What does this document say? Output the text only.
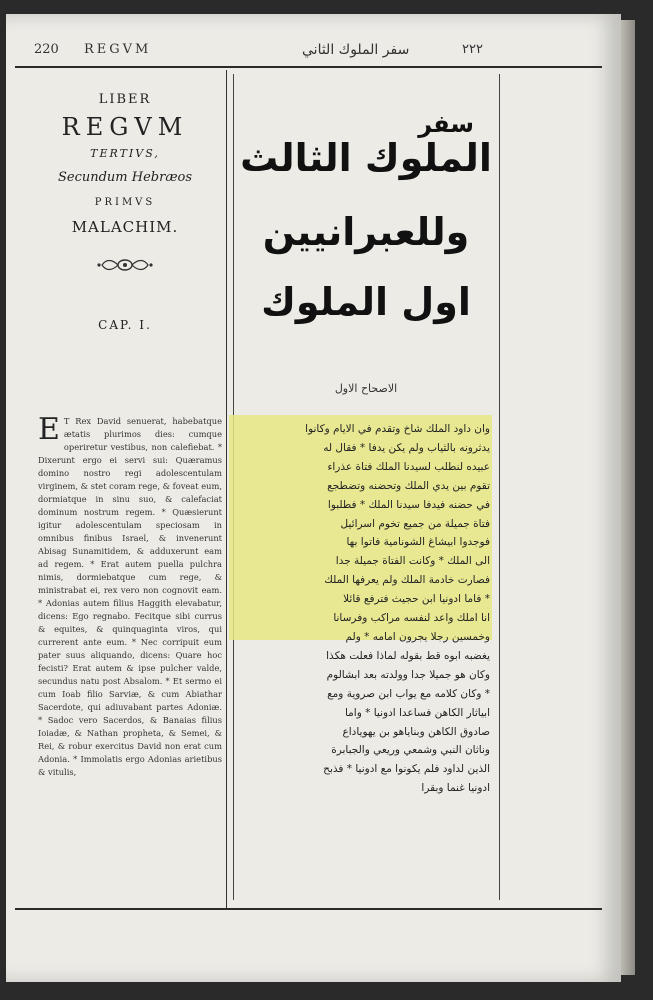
220 REGVM	سفر الملوك الثاني	٢٢٢
LIBER
REGVM
TERTIVS,
Secundum Hebræos
PRIMVS
MALACHIM.
CAP. I.
E T Rex David senuerat, habebatque ætatis plurimos dies: cumque operiretur vestibus, non calefiebat. * Dixerunt ergo ei servi sui: Quæramus domino nostro regi adolescentulam virginem, & stet coram rege, & foveat eum, dormiatque in sinu suo, & calefaciat dominum nostrum regem. * Quæsierunt igitur adolescentulam speciosam in omnibus finibus Israel, & invenerunt Abisag Sunamitidem, & adduxerunt eam ad regem. * Erat autem puella pulchra nimis, dormiebatque cum rege, & ministrabat ei, rex vero non cognovit eam. * Adonias autem filius Haggith elevabatur, dicens: Ego regnabo. Fecitque sibi currus & equites, & quinquaginta viros, qui currerent ante eum. * Nec corripuit eum pater suus aliquando, dicens: Quare hoc fecisti? Erat autem & ipse pulcher valde, secundus natu post Absalom. * Et sermo ei cum Ioab filio Sarviæ, & cum Abiathar Sacerdote, qui adiuvabant partes Adoniæ. * Sadoc vero Sacerdos, & Banaias filius Ioiadæ, & Nathan propheta, & Semei, & Rei, & robur exercitus David non erat cum Adonia. * Immolatis ergo Adonias arietibus & vitulis,
سفر
الملوك الثالث
وللعبرانيين
اول الملوك
الاصحاح الاول
وان داود الملك شاخ وتقدم في الايام وكانوا
يدثرونه بالثياب ولم يكن يدفا * فقال له
عبيده لنطلب لسيدنا الملك فتاة عذراء
تقوم بين يدي الملك وتحضنه وتضطجع
في حضنه فيدفا سيدنا الملك * فطلبوا
فتاة جميلة من جميع تخوم اسرائيل
فوجدوا ابيشاغ الشونامية فاتوا بها
الى الملك * وكانت الفتاة جميلة جدا
فصارت خادمة الملك ولم يعرفها الملك
* فاما ادونيا ابن حجيث فترفع قائلا
انا املك واعد لنفسه مراكب وفرسانا
وخمسين رجلا يجرون امامه * ولم
يغضبه ابوه قط بقوله لماذا فعلت هكذا
وكان هو جميلا جدا وولدته بعد ابشالوم
* وكان كلامه مع يواب ابن صروية ومع
ابياثار الكاهن فساعدا ادونيا * واما
صادوق الكاهن وبناياهو بن يهوياداع
وناثان النبي وشمعي وريعي والجبابرة
الذين لداود فلم يكونوا مع ادونيا * فذبح
ادونيا غنما وبقرا
